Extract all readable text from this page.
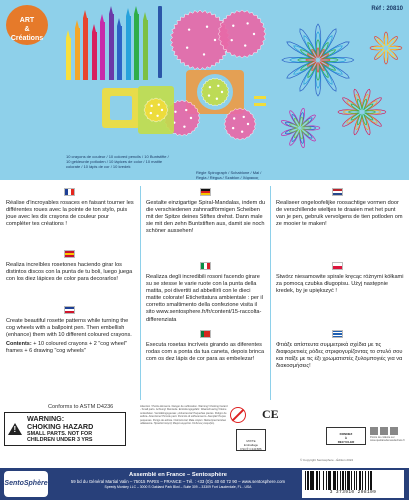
ART
&
Créations
Réf : 20810
10 crayons de couleur / 10 colored pencils / 10 Buntstifte / 10 gekleurde potloden / 10 lápices de color / 10 matite colorate / 10 lápis de cor / 10 kredek
Règle Spirograph / Schablone / Mal / Regla / Régua / Szablon / Χάρακας

Réalise d'incroyables rosaces en faisant tourner les différentes roues avec la pointe de ton stylo, puis joue avec les dix crayons de couleur pour compléter tes créations !

Realiza increíbles rosetones haciendo girar los distintos discos con la punta de tu boli, luego juega con los diez lápices de color para decorarlos!

Create beautiful rosette patterns while turning the cog wheels with a ballpoint pen. Then embellish (enhance) them with 10 different coloured crayons.

Contents: + 10 coloured crayons + 2 "cog wheel" frames + 6 drawing "cog wheels"

Gestalte einzigartige Spiral-Mandalas, indem du die verschiedenen zahnradförmigen Scheiben mit der Spitze deines Stiftes drehst. Dann male sie mit den zehn Buntstiften aus, damit sie noch schöner aussehen!

Realizza degli incredibili rosoni facendo girare su se stesse le varie ruote con la punta della matita, poi divertiti ad abbellirli con le dieci matite colorate! Etichettatura ambientale : per il corretto smaltimento della confezione visita il sito www.sentosphere.fr/fr/content/15-raccolta-differenziata

Executa rosetas incríveis girando as diferentes rodas com a ponta da tua caneta, depois brinca com os dez lápis de cor para as embelezar!

Realiseer ongeloofelijke roosachtige vormen door de verschillende wieltjes te draaien met het punt van je pen, gebruik vervolgens de tien potloden om ze mooier te maken!

Stwórz niesamowite spirale kręcąc różnymi kółkami za pomocą czubka długopisu. Użyj następnie kredek, by je upiększyć !

Φτιάξε απίστευτα συμμετρικά σχέδια με τις διαφορετικές ρόδες στριφογυρίζοντας το στυλό σου και παίξε με τις έξι χρωματιστές ξυλομπογιές για να διακοσμήσεις!

Conforms to ASTM D4236
!
WARNING:
CHOKING HAZARD
SMALL PARTS. NOT FOR
CHILDREN UNDER 3 YRS
Attention ! Petits éléments. Danger de suffocation. Warning! Choking hazard - Small parts. Achtung! Kleinteile. Erstickungsgefahr. Waarschuwing! Kleine onderdelen. Verstikkingsgevaar. ¡Advertencia! Pequeñas piezas. Peligro de asfixia. Attenzione! Piccole parti. Pericolo di soffocamento. Atenção! Peças pequenas. Perigo de asfixia. Ostrzeżenie! Małe części. Niebezpieczeństwo udławienia. Προειδοποίηση! Μικρά κομμάτια. Κίνδυνος ασφυξίας.
CE
MIXTE
Emballage
FSC® C141586
DONNEZ
À
RECYCLER
Points de collecte sur www.quefairedemesdechets.fr
© Copyright Sentosphere - Édition 2024
SentoSphère
Assemblé en France – Sentosphère
59 bd du Général Martial Valin – 75015 PARIS – FRANCE – Tél. : +33 (0)1 40 60 72 90 – www.sentosphere.com
Speedy Monkey LLC – 3000 S Oakland Park Blvd – Suite 309 – 33309 Fort Lauderdale, FL - USA
3 373910 208109
